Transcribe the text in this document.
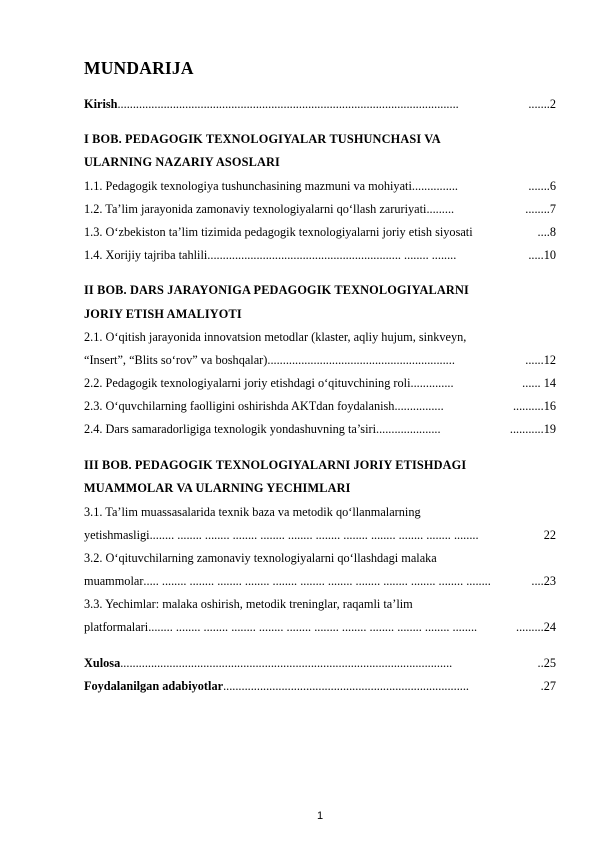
MUNDARIJA
Kirish ...............................................................................................................	.......2
I BOB. PEDAGOGIK TEXNOLOGIYALAR TUSHUNCHASI VA
ULARNING NAZARIY ASOSLARI
1.1. Pedagogik texnologiya tushunchasining mazmuni va mohiyati ...............	.......6
1.2. Ta’lim jarayonida zamonaviy texnologiyalarni qo‘llash zaruriyati .........	........7
1.3. O‘zbekiston ta’lim tizimida pedagogik texnologiyalarni joriy etish siyosati	....8
1.4. Xorijiy tajriba tahlili ............................................................... ........ ........	.....10
II BOB. DARS JARAYONIGA PEDAGOGIK TEXNOLOGIYALARNI
JORIY ETISH AMALIYOTI
2.1. O‘qitish jarayonida innovatsion metodlar (klaster, aqliy hujum, sinkveyn,
“Insert”, “Blits so‘rov” va boshqalar) .............................................................	......12
2.2. Pedagogik texnologiyalarni joriy etishdagi o‘qituvchining roli ..............	...... 14
2.3. O‘quvchilarning faolligini oshirishda AKTdan foydalanish ................	..........16
2.4. Dars samaradorligiga texnologik yondashuvning ta’siri .....................	...........19
III BOB. PEDAGOGIK TEXNOLOGIYALARNI JORIY ETISHDAGI
MUAMMOLAR VA ULARNING YECHIMLARI
3.1. Ta’lim muassasalarida texnik baza va metodik qo‘llanmalarning
yetishmasligi ........ ........ ........ ........ ........ ........ ........ ........ ........ ........ ........ ........	22
3.2. O‘qituvchilarning zamonaviy texnologiyalarni qo‘llashdagi malaka
muammolar ..... ........ ........ ........ ........ ........ ........ ........ ........ ........ ........ ........ ........	....23
3.3. Yechimlar: malaka oshirish, metodik treninglar, raqamli ta’lim
platformalari ........ ........ ........ ........ ........ ........ ........ ........ ........ ........ ........ ........	.........24
Xulosa ............................................................................................................	..25
Foydalanilgan adabiyotlar ................................................................................	.27
1
